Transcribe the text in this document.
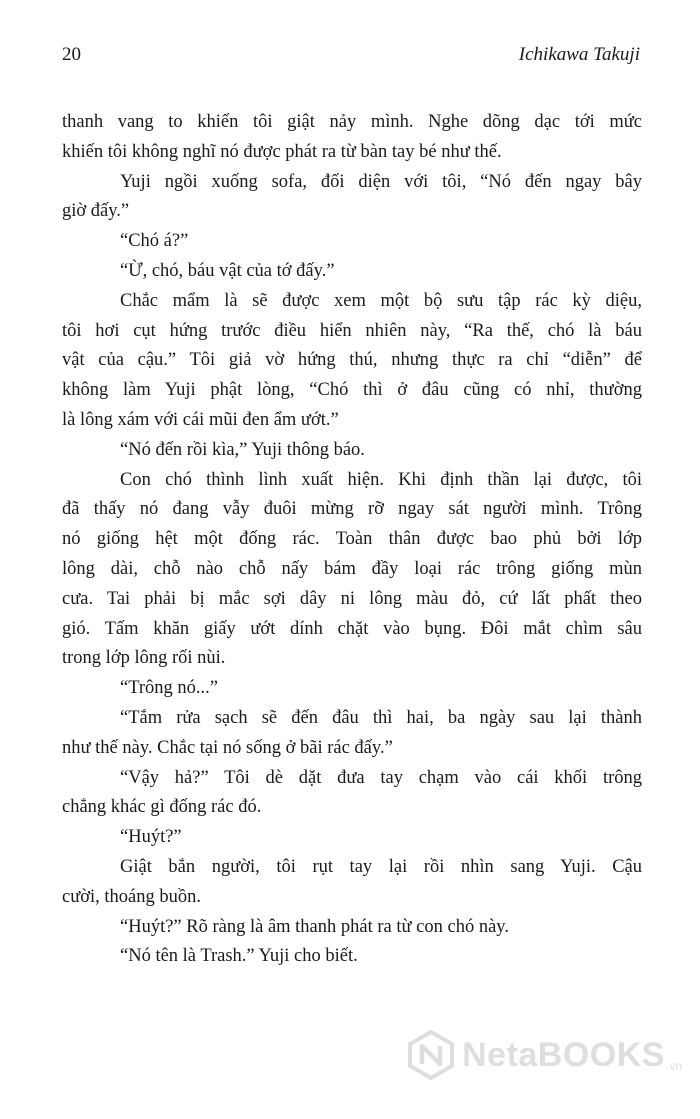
20	Ichikawa Takuji
thanh vang to khiến tôi giật nảy mình. Nghe dõng dạc tới mức
khiến tôi không nghĩ nó được phát ra từ bàn tay bé như thế.
Yuji ngồi xuống sofa, đối diện với tôi, “Nó đến ngay bây
giờ đấy.”
“Chó á?”
“Ừ, chó, báu vật của tớ đấy.”
Chắc mẩm là sẽ được xem một bộ sưu tập rác kỳ diệu,
tôi hơi cụt hứng trước điều hiển nhiên này, “Ra thế, chó là báu
vật của cậu.” Tôi giả vờ hứng thú, nhưng thực ra chỉ “diễn” để
không làm Yuji phật lòng, “Chó thì ở đâu cũng có nhỉ, thường
là lông xám với cái mũi đen ẩm ướt.”
“Nó đến rồi kìa,” Yuji thông báo.
Con chó thình lình xuất hiện. Khi định thần lại được, tôi
đã thấy nó đang vẫy đuôi mừng rỡ ngay sát người mình. Trông
nó giống hệt một đống rác. Toàn thân được bao phủ bởi lớp
lông dài, chỗ nào chỗ nấy bám đầy loại rác trông giống mùn
cưa. Tai phải bị mắc sợi dây ni lông màu đỏ, cứ lất phất theo
gió. Tấm khăn giấy ướt dính chặt vào bụng. Đôi mắt chìm sâu
trong lớp lông rối nùi.
“Trông nó...”
“Tắm rửa sạch sẽ đến đâu thì hai, ba ngày sau lại thành
như thế này. Chắc tại nó sống ở bãi rác đấy.”
“Vậy hả?” Tôi dè dặt đưa tay chạm vào cái khối trông
chẳng khác gì đống rác đó.
“Huýt?”
Giật bắn người, tôi rụt tay lại rồi nhìn sang Yuji. Cậu
cười, thoáng buồn.
“Huýt?” Rõ ràng là âm thanh phát ra từ con chó này.
“Nó tên là Trash.” Yuji cho biết.
NetaBOOKS .vn
